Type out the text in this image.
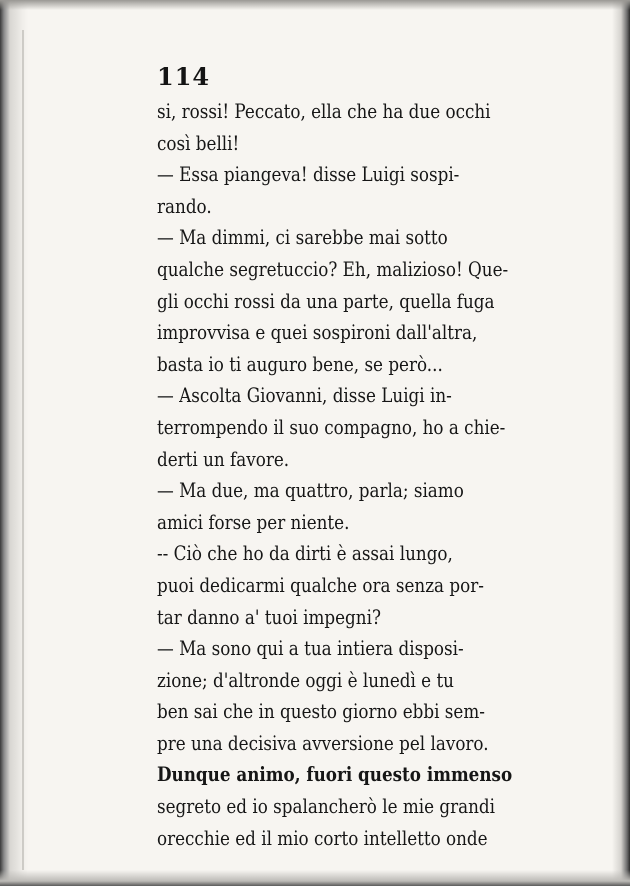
114
si, rossi! Peccato, ella che ha due occhi
così belli!
— Essa piangeva! disse Luigi sospi-
rando.
— Ma dimmi, ci sarebbe mai sotto
qualche segretuccio? Eh, malizioso! Que-
gli occhi rossi da una parte, quella fuga
improvvisa e quei sospironi dall'altra,
basta io ti auguro bene, se però...
— Ascolta Giovanni, disse Luigi in-
terrompendo il suo compagno, ho a chie-
derti un favore.
— Ma due, ma quattro, parla; siamo
amici forse per niente.
-- Ciò che ho da dirti è assai lungo,
puoi dedicarmi qualche ora senza por-
tar danno a' tuoi impegni?
— Ma sono qui a tua intiera disposi-
zione; d'altronde oggi è lunedì e tu
ben sai che in questo giorno ebbi sem-
pre una decisiva avversione pel lavoro.
Dunque animo, fuori questo immenso
segreto ed io spalancherò le mie grandi
orecchie ed il mio corto intelletto onde
